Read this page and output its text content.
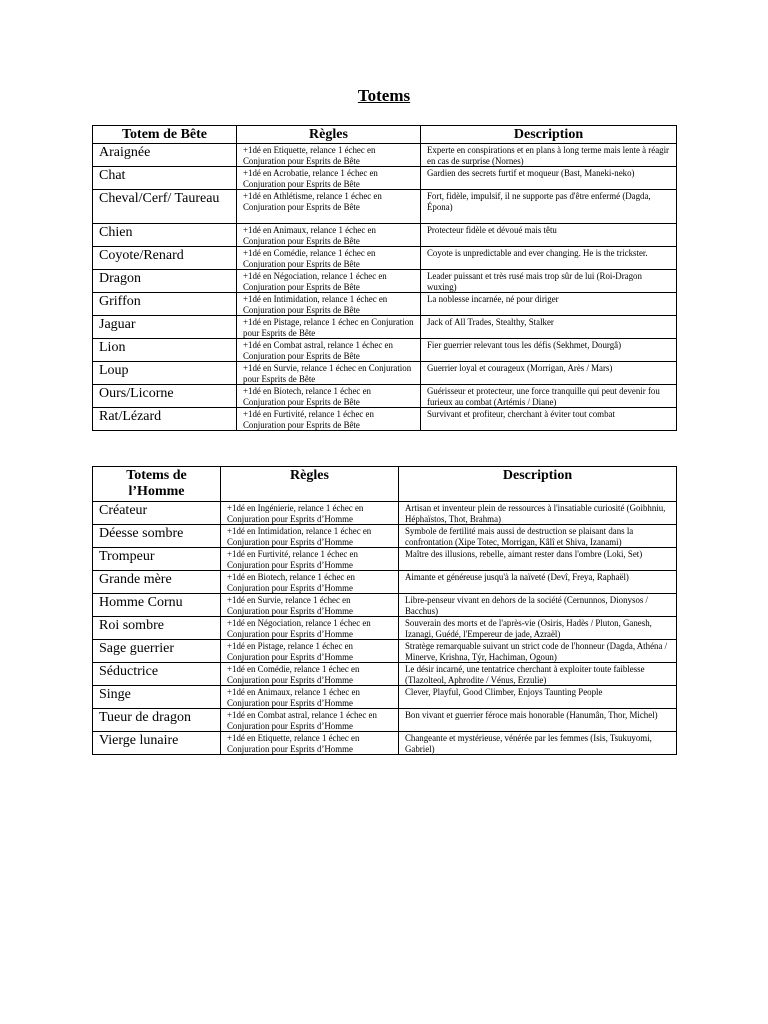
Totems
Totem de Bête	Règles	Description
Araignée	+1dé en Etiquette, relance 1 échec en Conjuration pour Esprits de Bête	Experte en conspirations et en plans à long terme mais lente à réagir en cas de surprise (Nornes)
Chat	+1dé en Acrobatie, relance 1 échec en Conjuration pour Esprits de Bête	Gardien des secrets furtif et moqueur (Bast, Maneki-neko)
Cheval/Cerf/ Taureau	+1dé en Athlétisme, relance 1 échec en Conjuration pour Esprits de Bête	Fort, fidèle, impulsif, il ne supporte pas d'être enfermé (Dagda, Épona)
Chien	+1dé en Animaux, relance 1 échec en Conjuration pour Esprits de Bête	Protecteur fidèle et dévoué mais têtu
Coyote/Renard	+1dé en Comédie, relance 1 échec en Conjuration pour Esprits de Bête	Coyote is unpredictable and ever changing. He is the trickster.
Dragon	+1dé en Négociation, relance 1 échec en Conjuration pour Esprits de Bête	Leader puissant et très rusé mais trop sûr de lui (Roi-Dragon wuxing)
Griffon	+1dé en Intimidation, relance 1 échec en Conjuration pour Esprits de Bête	La noblesse incarnée, né pour diriger
Jaguar	+1dé en Pistage, relance 1 échec en Conjuration pour Esprits de Bête	Jack of All Trades, Stealthy, Stalker
Lion	+1dé en Combat astral, relance 1 échec en Conjuration pour Esprits de Bête	Fier guerrier relevant tous les défis (Sekhmet, Dourgâ)
Loup	+1dé en Survie, relance 1 échec en Conjuration pour Esprits de Bête	Guerrier loyal et courageux (Morrigan, Arès / Mars)
Ours/Licorne	+1dé en Biotech, relance 1 échec en Conjuration pour Esprits de Bête	Guérisseur et protecteur, une force tranquille qui peut devenir fou furieux au combat (Artémis / Diane)
Rat/Lézard	+1dé en Furtivité, relance 1 échec en Conjuration pour Esprits de Bête	Survivant et profiteur, cherchant à éviter tout combat
Totems de l’Homme	Règles	Description
Créateur	+1dé en Ingénierie, relance 1 échec en Conjuration pour Esprits d’Homme	Artisan et inventeur plein de ressources à l'insatiable curiosité (Goibhniu, Héphaïstos, Thot, Brahma)
Déesse sombre	+1dé en Intimidation, relance 1 échec en Conjuration pour Esprits d’Homme	Symbole de fertilité mais aussi de destruction se plaisant dans la confrontation (Xipe Totec, Morrigan, Kâlî et Shiva, Izanami)
Trompeur	+1dé en Furtivité, relance 1 échec en Conjuration pour Esprits d’Homme	Maître des illusions, rebelle, aimant rester dans l'ombre (Loki, Set)
Grande mère	+1dé en Biotech, relance 1 échec en Conjuration pour Esprits d’Homme	Aimante et généreuse jusqu'à la naïveté (Devî, Freya, Raphaël)
Homme Cornu	+1dé en Survie, relance 1 échec en Conjuration pour Esprits d’Homme	Libre-penseur vivant en dehors de la société (Cernunnos, Dionysos / Bacchus)
Roi sombre	+1dé en Négociation, relance 1 échec en Conjuration pour Esprits d’Homme	Souverain des morts et de l'après-vie (Osiris, Hadès / Pluton, Ganesh, Izanagi, Guédé, l'Empereur de jade, Azraël)
Sage guerrier	+1dé en Pistage, relance 1 échec en Conjuration pour Esprits d’Homme	Stratège remarquable suivant un strict code de l'honneur (Dagda, Athéna / Minerve, Krishna, Týr, Hachiman, Ogoun)
Séductrice	+1dé en Comédie, relance 1 échec en Conjuration pour Esprits d’Homme	Le désir incarné, une tentatrice cherchant à exploiter toute faiblesse (Tlazolteol, Aphrodite / Vénus, Erzulie)
Singe	+1dé en Animaux, relance 1 échec en Conjuration pour Esprits d’Homme	Clever, Playful, Good Climber, Enjoys Taunting People
Tueur de dragon	+1dé en Combat astral, relance 1 échec en Conjuration pour Esprits d’Homme	Bon vivant et guerrier féroce mais honorable (Hanumân, Thor, Michel)
Vierge lunaire	+1dé en Etiquette, relance 1 échec en Conjuration pour Esprits d’Homme	Changeante et mystérieuse, vénérée par les femmes (Isis, Tsukuyomi, Gabriel)
